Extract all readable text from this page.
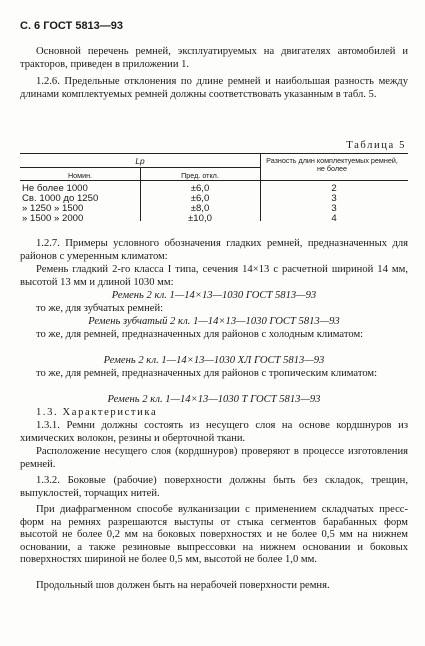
С. 6 ГОСТ 5813—93
Основной перечень ремней, эксплуатируемых на двигателях автомобилей и тракторов, приведен в приложении 1.
1.2.6. Предельные отклонения по длине ремней и наибольшая разность между длинами комплектуемых ремней должны соответствовать указанным в табл. 5.
Таблица 5
Lр
Номин.	Пред. откл.
Разность длин комплектуемых ремней, не более
Не более 1000	±6,0	2
Св. 1000 до 1250	±6,0	3
» 1250 » 1500	±8,0	3
» 1500 » 2000	±10,0	4
1.2.7. Примеры условного обозначения гладких ремней, предназначенных для районов с умеренным климатом:
Ремень гладкий 2-го класса I типа, сечения 14×13 с расчетной шириной 14 мм, высотой 13 мм и длиной 1030 мм:
Ремень 2 кл. 1—14×13—1030 ГОСТ 5813—93
то же, для зубчатых ремней:
Ремень зубчатый 2 кл. 1—14×13—1030 ГОСТ 5813—93
то же, для ремней, предназначенных для районов с холодным климатом:
Ремень 2 кл. 1—14×13—1030 ХЛ ГОСТ 5813—93
то же, для ремней, предназначенных для районов с тропическим климатом:
Ремень 2 кл. 1—14×13—1030 Т ГОСТ 5813—93
1.3. Характеристика
1.3.1. Ремни должны состоять из несущего слоя на основе кордшнуров из химических волокон, резины и оберточной ткани.
Расположение несущего слоя (кордшнуров) проверяют в процессе изготовления ремней.
1.3.2. Боковые (рабочие) поверхности должны быть без складок, трещин, выпуклостей, торчащих нитей.
При диафрагменном способе вулканизации с применением складчатых пресс-форм на ремнях разрешаются выступы от стыка сегментов барабанных форм высотой не более 0,2 мм на боковых поверхностях и не более 0,5 мм на нижнем основании, а также резиновые выпрессовки на нижнем основании и боковых поверхностях шириной не более 0,5 мм, высотой не более 1,0 мм.
Продольный шов должен быть на нерабочей поверхности ремня.
